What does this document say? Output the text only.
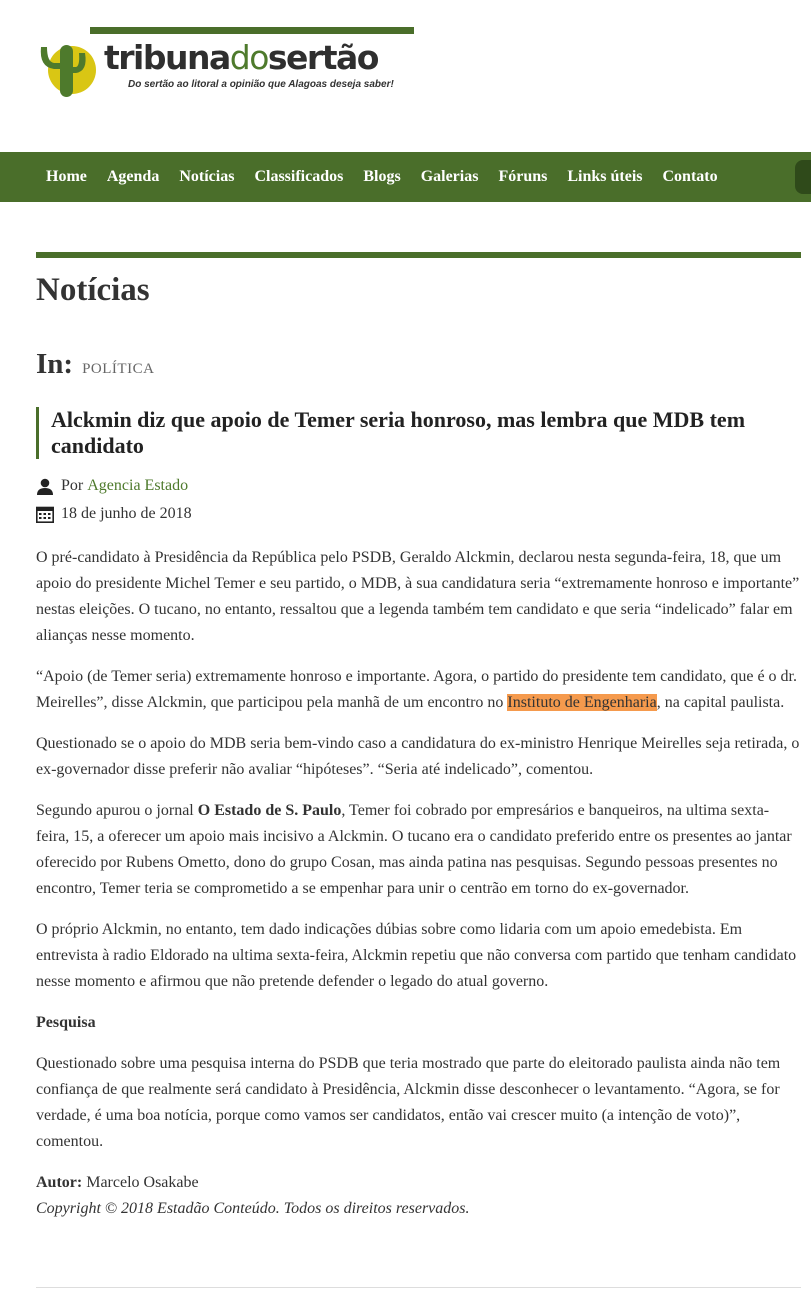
tribunadosertão
Do sertão ao litoral a opinião que Alagoas deseja saber!
Home Agenda Notícias Classificados Blogs Galerias Fóruns Links úteis Contato
Notícias
In: POLÍTICA
Alckmin diz que apoio de Temer seria honroso, mas lembra que MDB tem candidato
Por Agencia Estado
18 de junho de 2018

O pré-candidato à Presidência da República pelo PSDB, Geraldo Alckmin, declarou nesta segunda-feira, 18, que um apoio do presidente Michel Temer e seu partido, o MDB, à sua candidatura seria “extremamente honroso e importante” nestas eleições. O tucano, no entanto, ressaltou que a legenda também tem candidato e que seria “indelicado” falar em alianças nesse momento.

“Apoio (de Temer seria) extremamente honroso e importante. Agora, o partido do presidente tem candidato, que é o dr. Meirelles”, disse Alckmin, que participou pela manhã de um encontro no Instituto de Engenharia, na capital paulista.

Questionado se o apoio do MDB seria bem-vindo caso a candidatura do ex-ministro Henrique Meirelles seja retirada, o ex-governador disse preferir não avaliar “hipóteses”. “Seria até indelicado”, comentou.

Segundo apurou o jornal O Estado de S. Paulo, Temer foi cobrado por empresários e banqueiros, na ultima sexta-feira, 15, a oferecer um apoio mais incisivo a Alckmin. O tucano era o candidato preferido entre os presentes ao jantar oferecido por Rubens Ometto, dono do grupo Cosan, mas ainda patina nas pesquisas. Segundo pessoas presentes no encontro, Temer teria se comprometido a se empenhar para unir o centrão em torno do ex-governador.

O próprio Alckmin, no entanto, tem dado indicações dúbias sobre como lidaria com um apoio emedebista. Em entrevista à radio Eldorado na ultima sexta-feira, Alckmin repetiu que não conversa com partido que tenham candidato nesse momento e afirmou que não pretende defender o legado do atual governo.

Pesquisa

Questionado sobre uma pesquisa interna do PSDB que teria mostrado que parte do eleitorado paulista ainda não tem confiança de que realmente será candidato à Presidência, Alckmin disse desconhecer o levantamento. “Agora, se for verdade, é uma boa notícia, porque como vamos ser candidatos, então vai crescer muito (a intenção de voto)”, comentou.

Autor: Marcelo Osakabe

Copyright © 2018 Estadão Conteúdo. Todos os direitos reservados.
